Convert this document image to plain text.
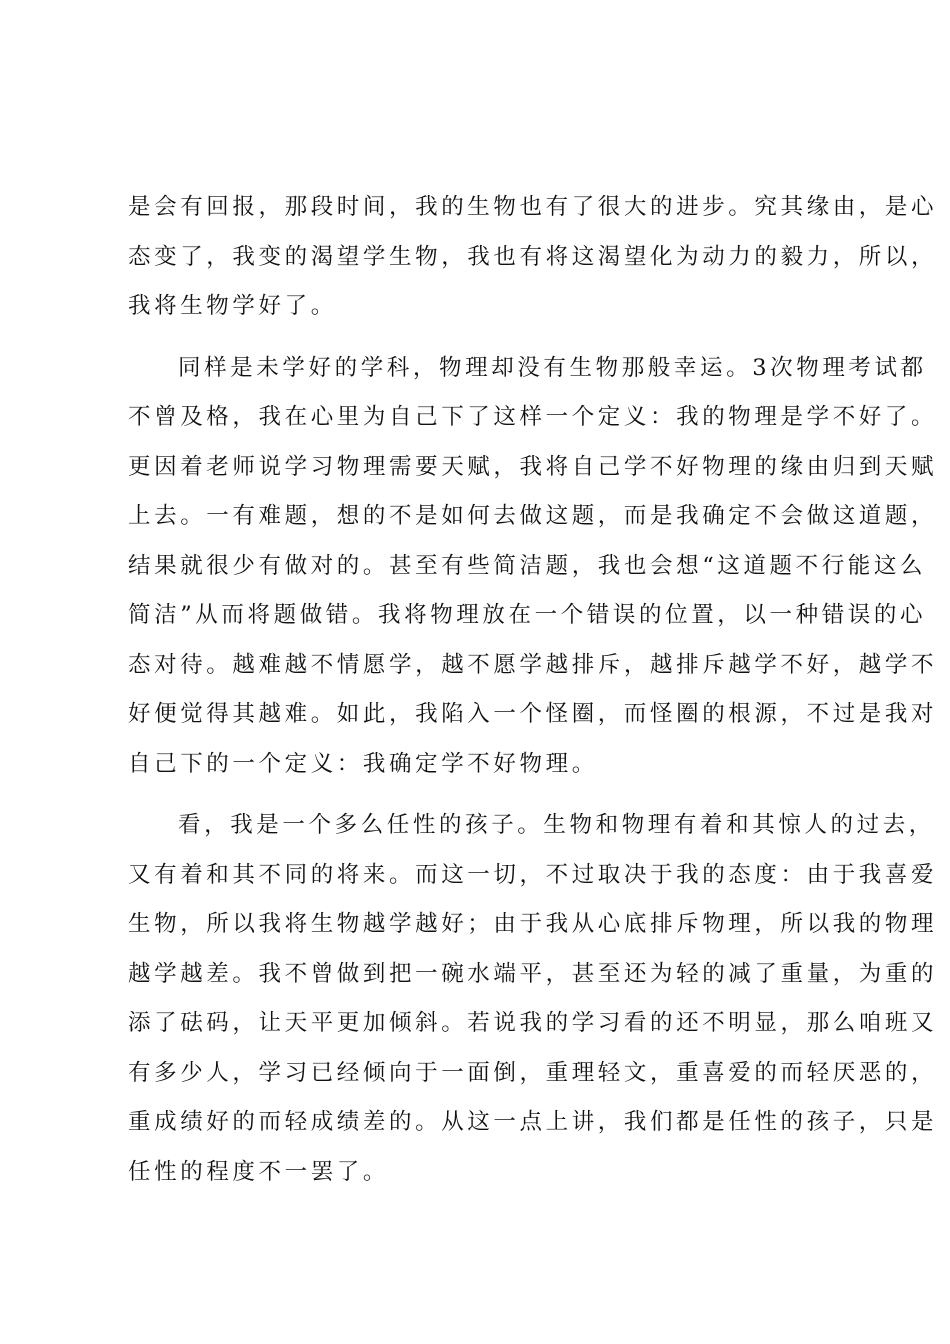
是会有回报，那段时间，我的生物也有了很大的进步。究其缘由，是心
态变了，我变的渴望学生物，我也有将这渴望化为动力的毅力，所以，
我将生物学好了。
同样是未学好的学科，物理却没有生物那般幸运。3次物理考试都
不曾及格，我在心里为自己下了这样一个定义：我的物理是学不好了。
更因着老师说学习物理需要天赋，我将自己学不好物理的缘由归到天赋
上去。一有难题，想的不是如何去做这题，而是我确定不会做这道题，
结果就很少有做对的。甚至有些简洁题，我也会想“这道题不行能这么
简洁”从而将题做错。我将物理放在一个错误的位置，以一种错误的心
态对待。越难越不情愿学，越不愿学越排斥，越排斥越学不好，越学不
好便觉得其越难。如此，我陷入一个怪圈，而怪圈的根源，不过是我对
自己下的一个定义：我确定学不好物理。
看，我是一个多么任性的孩子。生物和物理有着和其惊人的过去，
又有着和其不同的将来。而这一切，不过取决于我的态度：由于我喜爱
生物，所以我将生物越学越好；由于我从心底排斥物理，所以我的物理
越学越差。我不曾做到把一碗水端平，甚至还为轻的减了重量，为重的
添了砝码，让天平更加倾斜。若说我的学习看的还不明显，那么咱班又
有多少人，学习已经倾向于一面倒，重理轻文，重喜爱的而轻厌恶的，
重成绩好的而轻成绩差的。从这一点上讲，我们都是任性的孩子，只是
任性的程度不一罢了。
